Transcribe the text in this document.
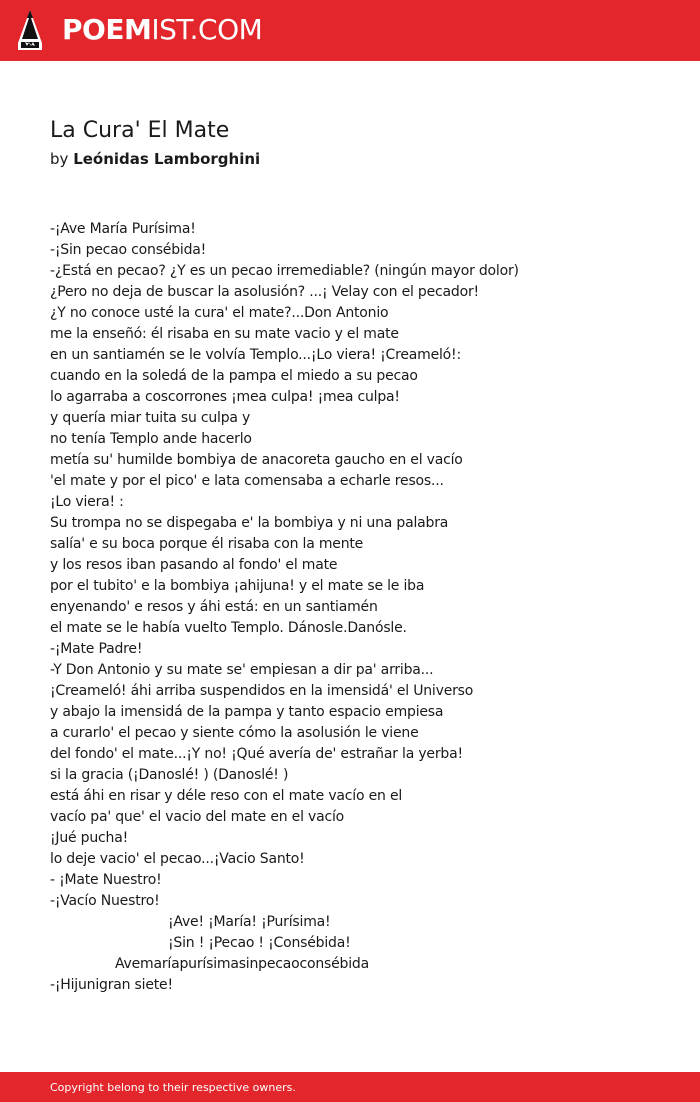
POEMIST.COM
La Cura' El Mate
by Leónidas Lamborghini
-¡Ave María Purísima!
-¡Sin pecao consébida!
-¿Está en pecao? ¿Y es un pecao irremediable? (ningún mayor dolor)
¿Pero no deja de buscar la asolusión? ...¡ Velay con el pecador!
¿Y no conoce usté la cura' el mate?...Don Antonio
me la enseñó: él risaba en su mate vacio y el mate
en un santiamén se le volvía Templo...¡Lo viera! ¡Creameló!:
cuando en la soledá de la pampa el miedo a su pecao
lo agarraba a coscorrones ¡mea culpa! ¡mea culpa!
y quería miar tuita su culpa y
no tenía Templo ande hacerlo
metía su' humilde bombiya de anacoreta gaucho en el vacío
'el mate y por el pico' e lata comensaba a echarle resos...
¡Lo viera! :
Su trompa no se dispegaba e' la bombiya y ni una palabra
salía' e su boca porque él risaba con la mente
y los resos iban pasando al fondo' el mate
por el tubito' e la bombiya ¡ahijuna! y el mate se le iba
enyenando' e resos y áhi está: en un santiamén
el mate se le había vuelto Templo. Dánosle.Danósle.
-¡Mate Padre!
-Y Don Antonio y su mate se' empiesan a dir pa' arriba...
¡Creameló! áhi arriba suspendidos en la imensidá' el Universo
y abajo la imensidá de la pampa y tanto espacio empiesa
a curarlo' el pecao y siente cómo la asolusión le viene
del fondo' el mate...¡Y no! ¡Qué avería de' estrañar la yerba!
si la gracia (¡Danoslé! ) (Danoslé! )
está áhi en risar y déle reso con el mate vacío en el
vacío pa' que' el vacio del mate en el vacío
¡Jué pucha!
lo deje vacio' el pecao...¡Vacio Santo!
- ¡Mate Nuestro!
-¡Vacío Nuestro!
¡Ave! ¡María! ¡Purísima!
¡Sin ! ¡Pecao ! ¡Consébida!
Avemaríapurísimasinpecaoconsébida
-¡Hijunigran siete!
Copyright belong to their respective owners.
